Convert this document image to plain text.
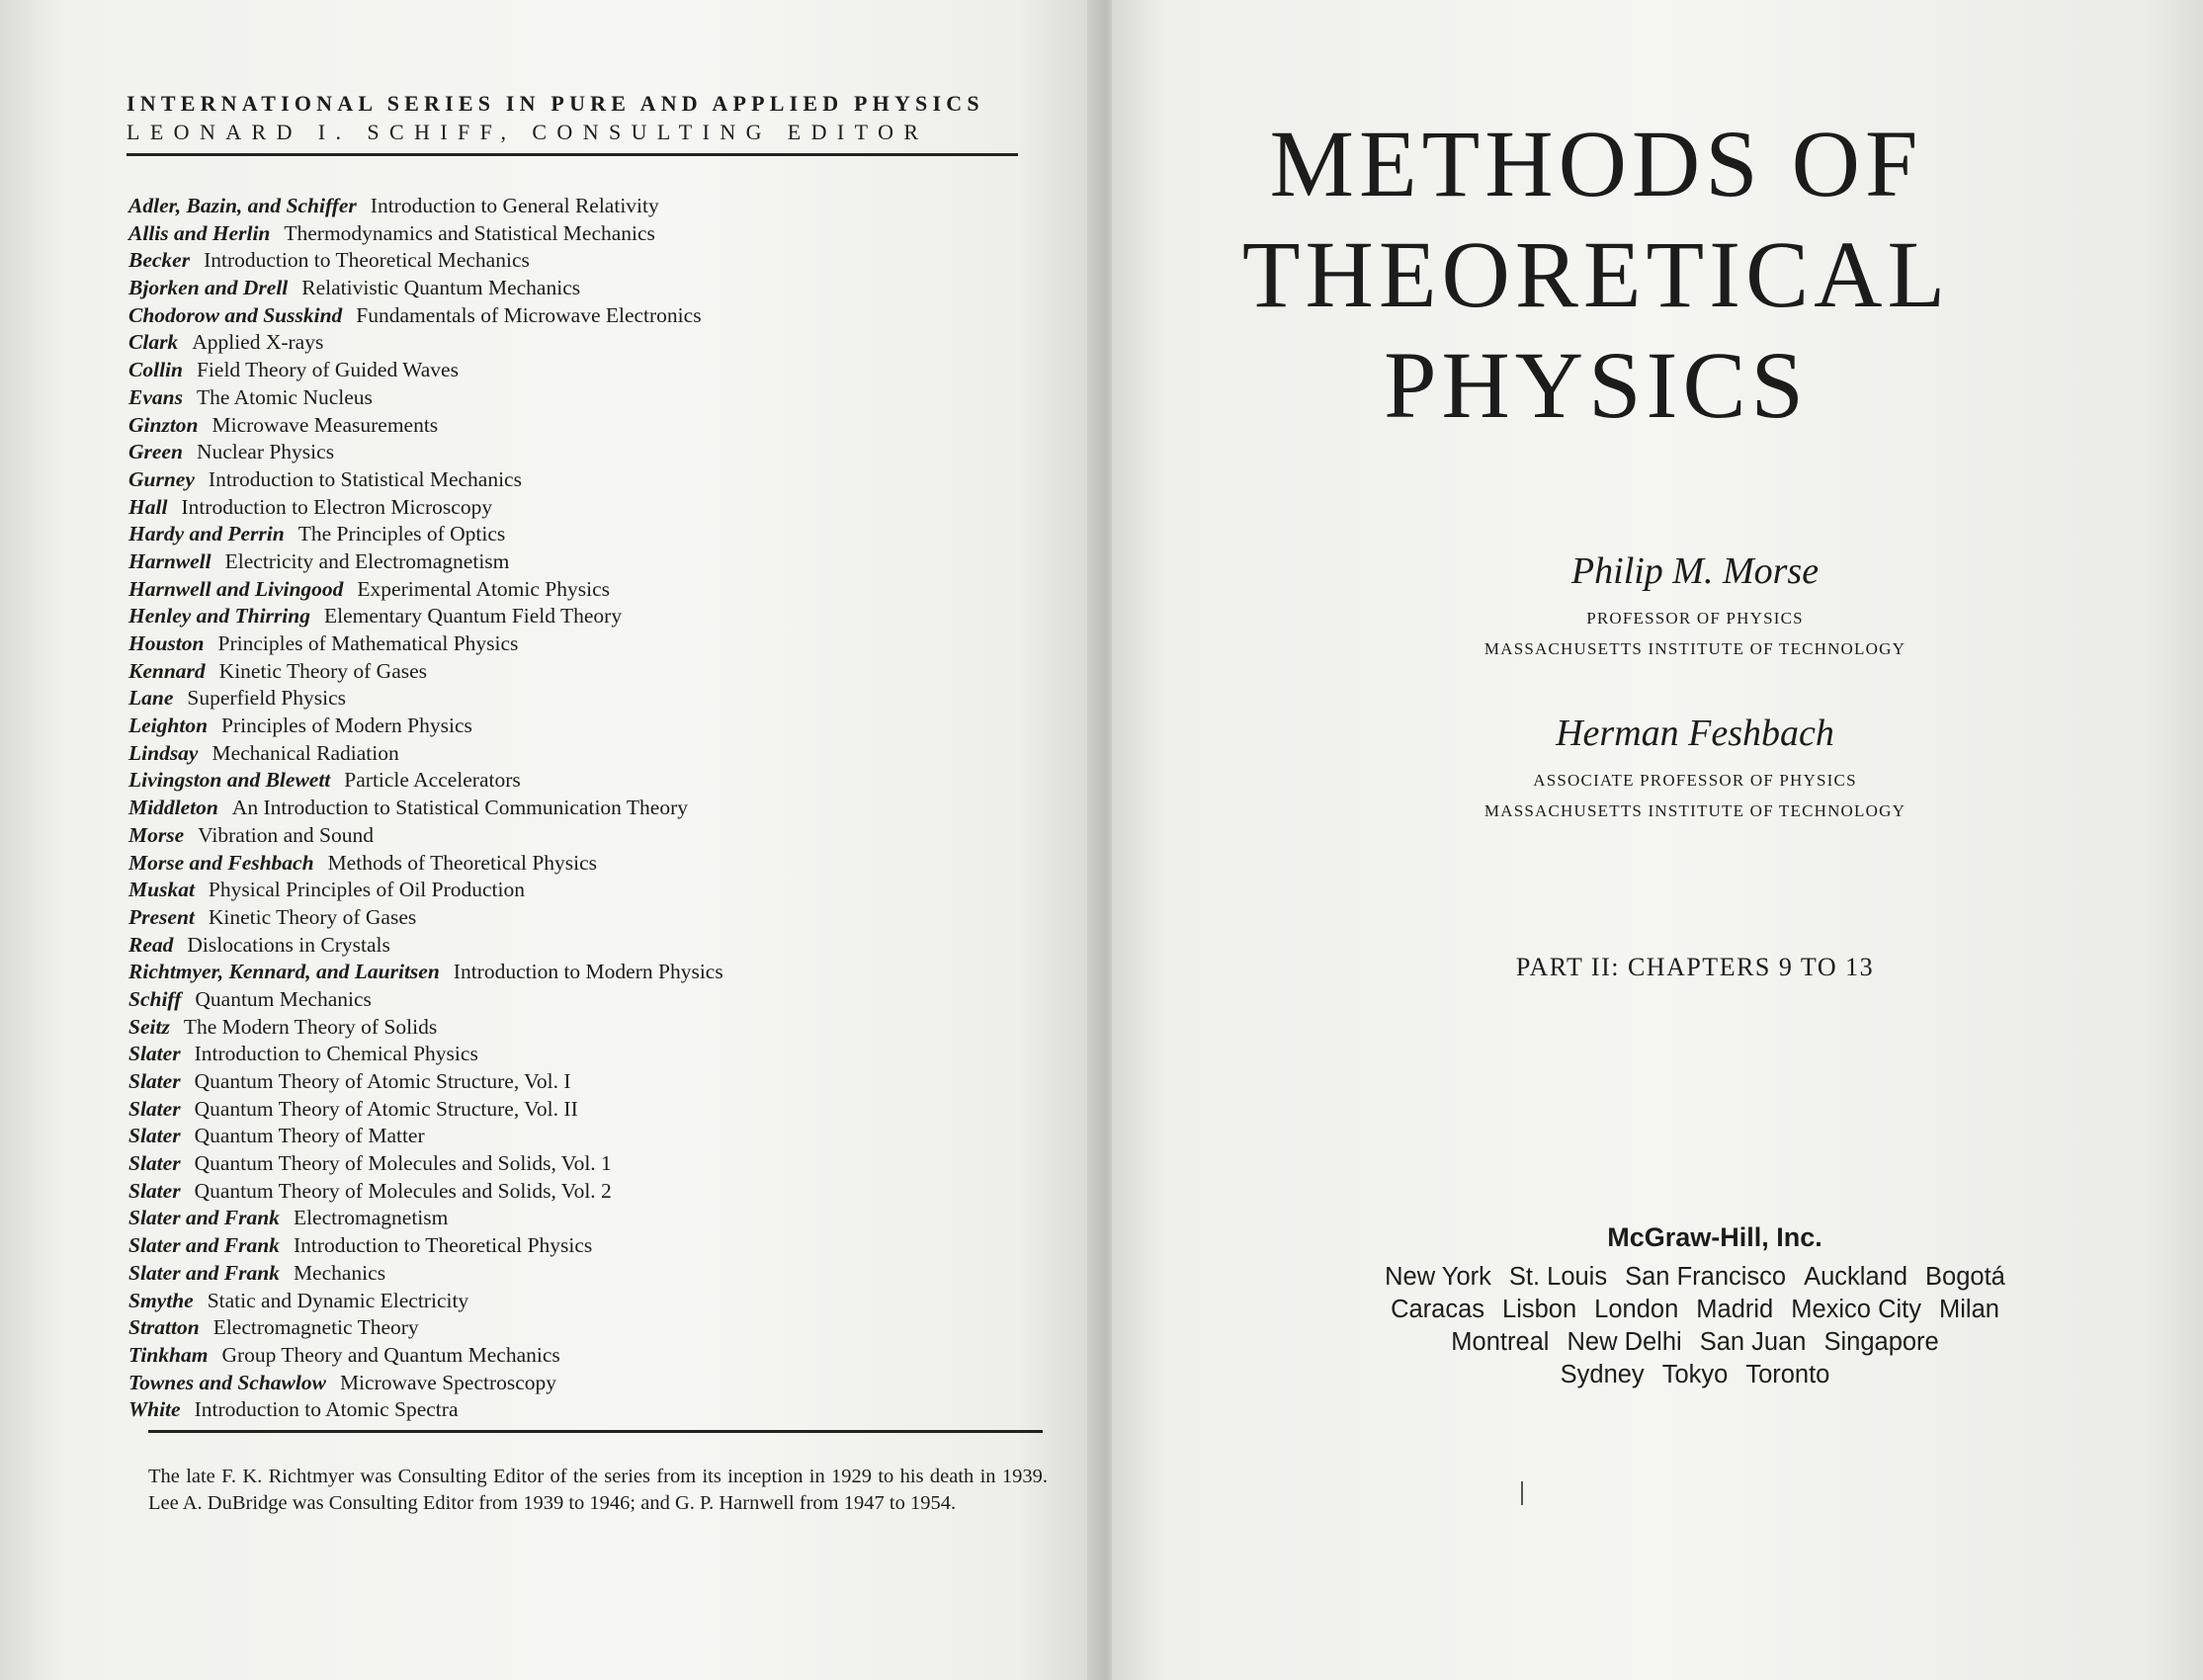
INTERNATIONAL SERIES IN PURE AND APPLIED PHYSICS
LEONARD I. SCHIFF, CONSULTING EDITOR
Adler, Bazin, and Schiffer Introduction to General Relativity
Allis and Herlin Thermodynamics and Statistical Mechanics
Becker Introduction to Theoretical Mechanics
Bjorken and Drell Relativistic Quantum Mechanics
Chodorow and Susskind Fundamentals of Microwave Electronics
Clark Applied X-rays
Collin Field Theory of Guided Waves
Evans The Atomic Nucleus
Ginzton Microwave Measurements
Green Nuclear Physics
Gurney Introduction to Statistical Mechanics
Hall Introduction to Electron Microscopy
Hardy and Perrin The Principles of Optics
Harnwell Electricity and Electromagnetism
Harnwell and Livingood Experimental Atomic Physics
Henley and Thirring Elementary Quantum Field Theory
Houston Principles of Mathematical Physics
Kennard Kinetic Theory of Gases
Lane Superfield Physics
Leighton Principles of Modern Physics
Lindsay Mechanical Radiation
Livingston and Blewett Particle Accelerators
Middleton An Introduction to Statistical Communication Theory
Morse Vibration and Sound
Morse and Feshbach Methods of Theoretical Physics
Muskat Physical Principles of Oil Production
Present Kinetic Theory of Gases
Read Dislocations in Crystals
Richtmyer, Kennard, and Lauritsen Introduction to Modern Physics
Schiff Quantum Mechanics
Seitz The Modern Theory of Solids
Slater Introduction to Chemical Physics
Slater Quantum Theory of Atomic Structure, Vol. I
Slater Quantum Theory of Atomic Structure, Vol. II
Slater Quantum Theory of Matter
Slater Quantum Theory of Molecules and Solids, Vol. 1
Slater Quantum Theory of Molecules and Solids, Vol. 2
Slater and Frank Electromagnetism
Slater and Frank Introduction to Theoretical Physics
Slater and Frank Mechanics
Smythe Static and Dynamic Electricity
Stratton Electromagnetic Theory
Tinkham Group Theory and Quantum Mechanics
Townes and Schawlow Microwave Spectroscopy
White Introduction to Atomic Spectra
The late F. K. Richtmyer was Consulting Editor of the series from its inception in 1929 to his death in 1939. Lee A. DuBridge was Consulting Editor from 1939 to 1946; and G. P. Harnwell from 1947 to 1954.
METHODS OF
THEORETICAL
PHYSICS
Philip M. Morse
PROFESSOR OF PHYSICS
MASSACHUSETTS INSTITUTE OF TECHNOLOGY
Herman Feshbach
ASSOCIATE PROFESSOR OF PHYSICS
MASSACHUSETTS INSTITUTE OF TECHNOLOGY
PART II: CHAPTERS 9 TO 13
McGraw-Hill, Inc.
New York St. Louis San Francisco Auckland Bogotá
Caracas Lisbon London Madrid Mexico City Milan
Montreal New Delhi San Juan Singapore
Sydney Tokyo Toronto
